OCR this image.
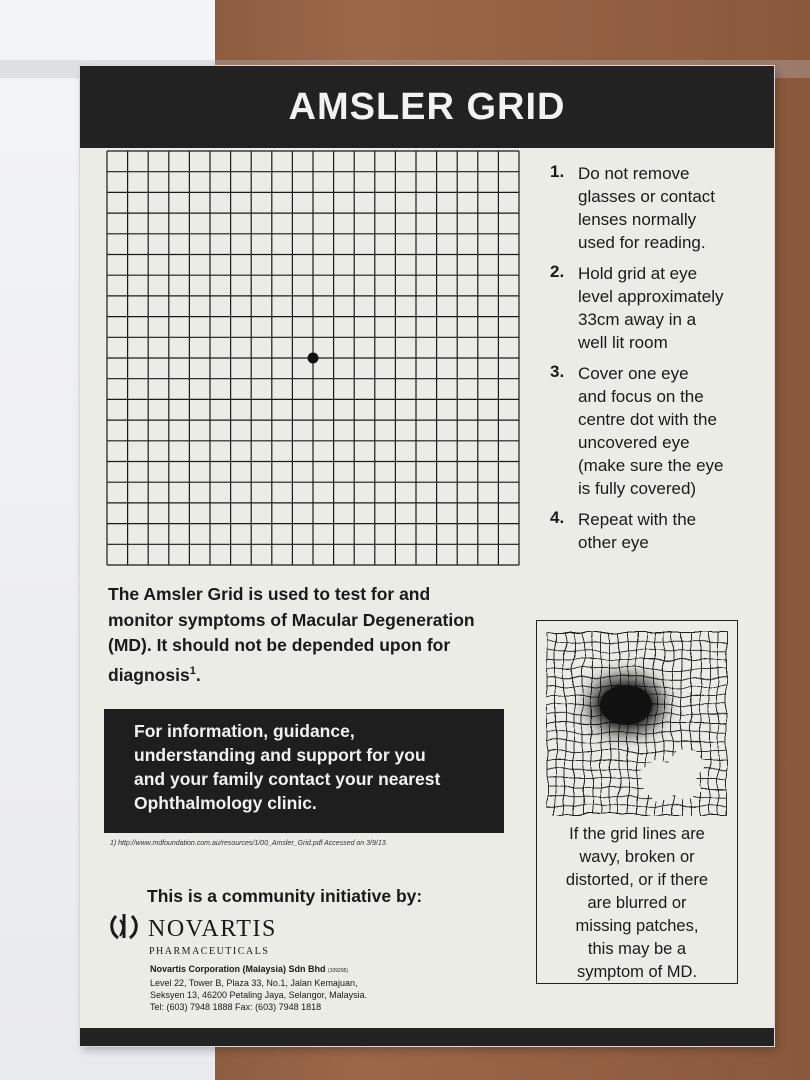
AMSLER GRID
1. Do not remove
glasses or contact
lenses normally
used for reading.
2. Hold grid at eye
level approximately
33cm away in a
well lit room
3. Cover one eye
and focus on the
centre dot with the
uncovered eye
(make sure the eye
is fully covered)
4. Repeat with the
other eye
The Amsler Grid is used to test for and
monitor symptoms of Macular Degeneration
(MD). It should not be depended upon for
diagnosis$^1$.
For information, guidance,
understanding and support for you
and your family contact your nearest
Ophthalmology clinic.
1) http://www.mdfoundation.com.au/resources/1/00_Amsler_Grid.pdf Accessed on 3/9/13.
This is a community initiative by:
NOVARTIS
PHARMACEUTICALS
Novartis Corporation (Malaysia) Sdn Bhd (109295)
Level 22, Tower B, Plaza 33, No.1, Jalan Kemajuan,
Seksyen 13, 46200 Petaling Jaya, Selangor, Malaysia.
Tel: (603) 7948 1888 Fax: (603) 7948 1818
If the grid lines are
wavy, broken or
distorted, or if there
are blurred or
missing patches,
this may be a
symptom of MD.
